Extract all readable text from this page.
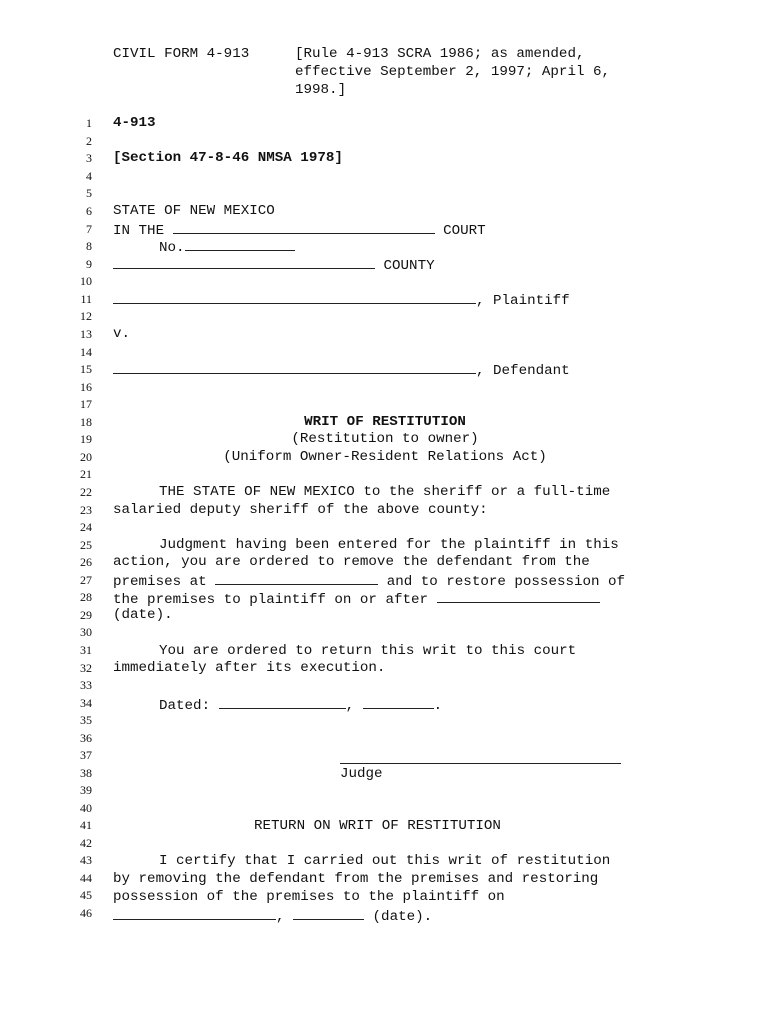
CIVIL FORM 4-913	[Rule 4-913 SCRA 1986; as amended,
effective September 2, 1997; April 6,
1998.]
1
2
3
4
5
6
7
8
9
10
11
12
13
14
15
16
17
18
19
20
21
22
23
24
25
26
27
28
29
30
31
32
33
34
35
36
37
38
39
40
41
42
43
44
45
46
4-913
[Section 47-8-46 NMSA 1978]
STATE OF NEW MEXICO
IN THE	COURT
No.
COUNTY
, Plaintiff
v.
, Defendant
WRIT OF RESTITUTION
(Restitution to owner)
(Uniform Owner-Resident Relations Act)
THE STATE OF NEW MEXICO to the sheriff or a full-time
salaried deputy sheriff of the above county:
Judgment having been entered for the plaintiff in this
action, you are ordered to remove the defendant from the
premises at	and to restore possession of
the premises to plaintiff on or after
(date).
You are ordered to return this writ to this court
immediately after its execution.
Dated:	,	.
Judge
RETURN ON WRIT OF RESTITUTION
I certify that I carried out this writ of restitution
by removing the defendant from the premises and restoring
possession of the premises to the plaintiff on
,	(date).
